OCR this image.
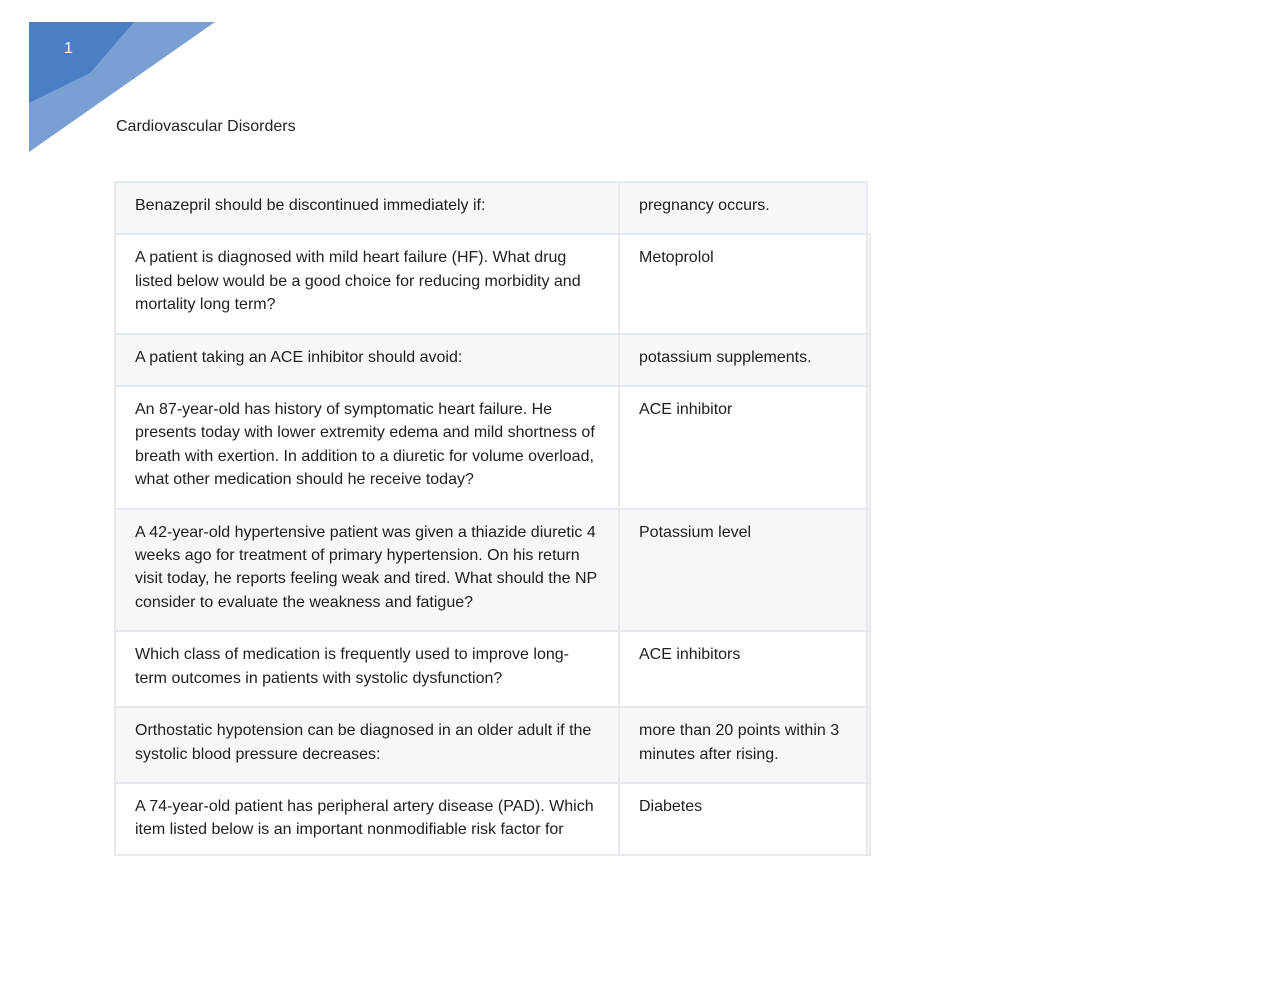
1
Cardiovascular Disorders
Benazepril should be discontinued immediately if:	pregnancy occurs.	
A patient is diagnosed with mild heart failure (HF). What drug listed below would be a good choice for reducing morbidity and mortality long term?	Metoprolol	
A patient taking an ACE inhibitor should avoid:	potassium supplements.	
An 87-year-old has history of symptomatic heart failure. He presents today with lower extremity edema and mild shortness of breath with exertion. In addition to a diuretic for volume overload, what other medication should he receive today?	ACE inhibitor	
A 42-year-old hypertensive patient was given a thiazide diuretic 4 weeks ago for treatment of primary hypertension. On his return visit today, he reports feeling weak and tired. What should the NP consider to evaluate the weakness and fatigue?	Potassium level	
Which class of medication is frequently used to improve long-term outcomes in patients with systolic dysfunction?	ACE inhibitors	
Orthostatic hypotension can be diagnosed in an older adult if the systolic blood pressure decreases:	more than 20 points within 3 minutes after rising.	
A 74-year-old patient has peripheral artery disease (PAD). Which item listed below is an important nonmodifiable risk factor for	Diabetes	
